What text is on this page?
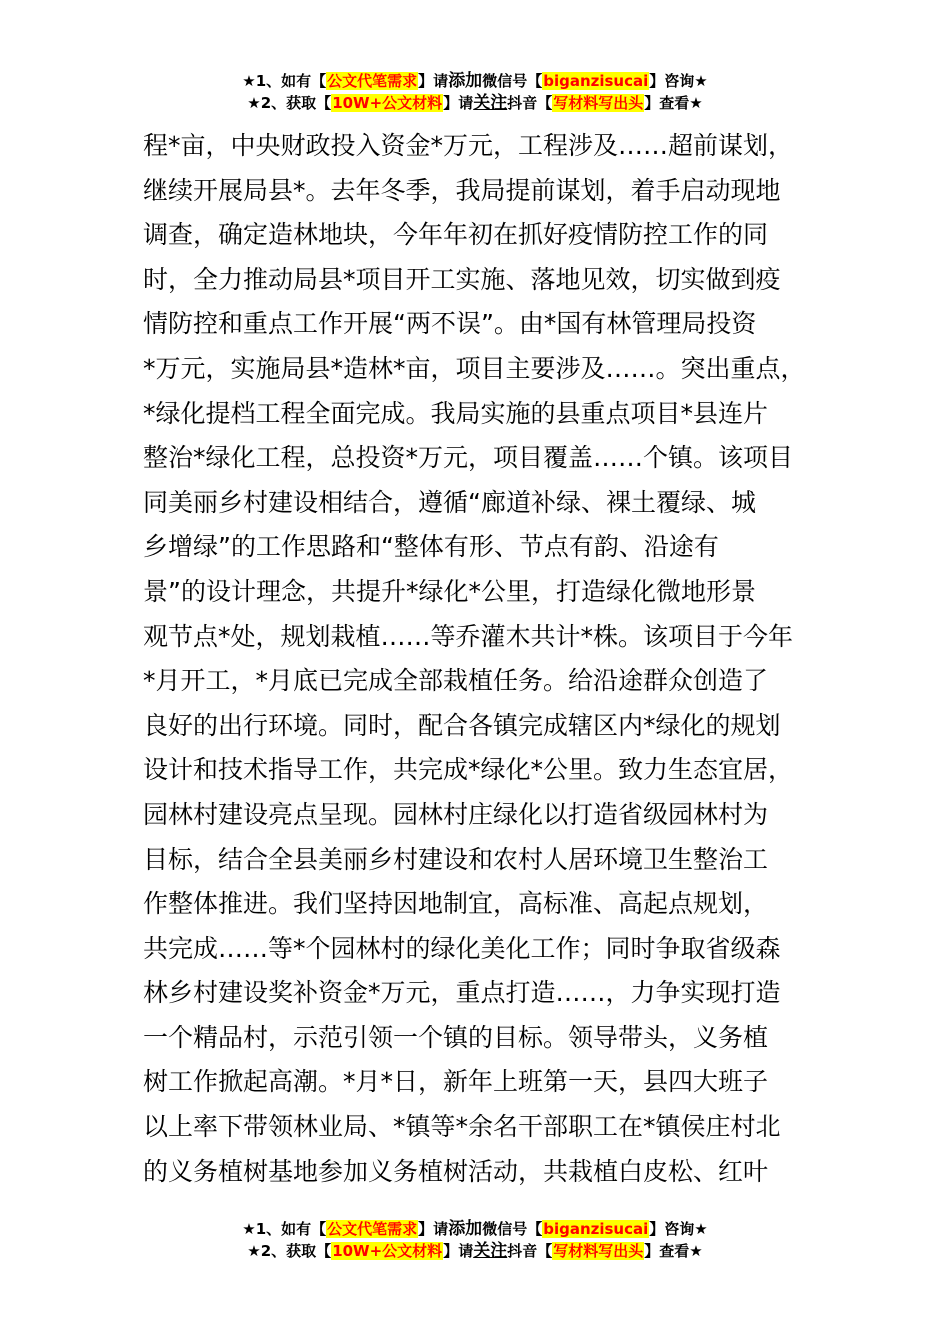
★1、如有【公文代笔需求】请添加微信号【biganzisucai】咨询★
★2、获取【10W+公文材料】请关注抖音【写材料写出头】查看★
程*亩，中央财政投入资金*万元，工程涉及……超前谋划，
继续开展局县*。去年冬季，我局提前谋划，着手启动现地
调查，确定造林地块，今年年初在抓好疫情防控工作的同
时，全力推动局县*项目开工实施、落地见效，切实做到疫
情防控和重点工作开展“两不误”。由*国有林管理局投资
*万元，实施局县*造林*亩，项目主要涉及……。突出重点，
*绿化提档工程全面完成。我局实施的县重点项目*县连片
整治*绿化工程，总投资*万元，项目覆盖……个镇。该项目
同美丽乡村建设相结合，遵循“廊道补绿、裸土覆绿、城
乡增绿”的工作思路和“整体有形、节点有韵、沿途有
景”的设计理念，共提升*绿化*公里，打造绿化微地形景
观节点*处，规划栽植……等乔灌木共计*株。该项目于今年
*月开工，*月底已完成全部栽植任务。给沿途群众创造了
良好的出行环境。同时，配合各镇完成辖区内*绿化的规划
设计和技术指导工作，共完成*绿化*公里。致力生态宜居，
园林村建设亮点呈现。园林村庄绿化以打造省级园林村为
目标，结合全县美丽乡村建设和农村人居环境卫生整治工
作整体推进。我们坚持因地制宜，高标准、高起点规划，
共完成……等*个园林村的绿化美化工作；同时争取省级森
林乡村建设奖补资金*万元，重点打造……，力争实现打造
一个精品村，示范引领一个镇的目标。领导带头，义务植
树工作掀起高潮。*月*日，新年上班第一天，县四大班子
以上率下带领林业局、*镇等*余名干部职工在*镇侯庄村北
的义务植树基地参加义务植树活动，共栽植白皮松、红叶
★1、如有【公文代笔需求】请添加微信号【biganzisucai】咨询★
★2、获取【10W+公文材料】请关注抖音【写材料写出头】查看★
